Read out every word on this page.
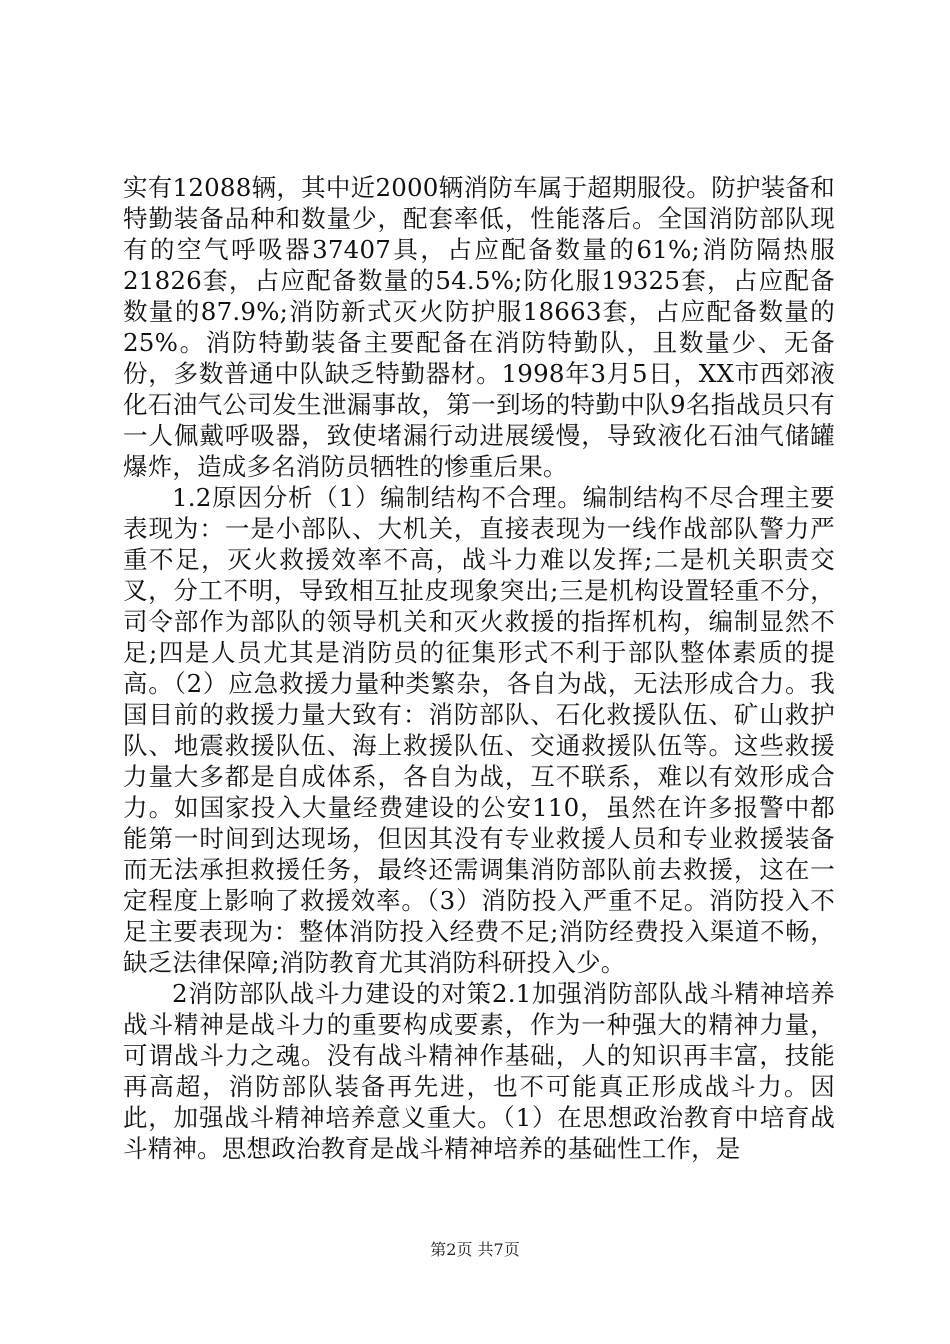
实有12088辆，其中近2000辆消防车属于超期服役。防护装备和特勤装备品种和数量少，配套率低，性能落后。全国消防部队现有的空气呼吸器37407具，占应配备数量的61%;消防隔热服21826套，占应配备数量的54.5%;防化服19325套，占应配备数量的87.9%;消防新式灭火防护服18663套，占应配备数量的25%。消防特勤装备主要配备在消防特勤队，且数量少、无备份，多数普通中队缺乏特勤器材。1998年3月5日，XX市西郊液化石油气公司发生泄漏事故，第一到场的特勤中队9名指战员只有一人佩戴呼吸器，致使堵漏行动进展缓慢，导致液化石油气储罐爆炸，造成多名消防员牺牲的惨重后果。

1.2原因分析（1）编制结构不合理。编制结构不尽合理主要表现为：一是小部队、大机关，直接表现为一线作战部队警力严重不足，灭火救援效率不高，战斗力难以发挥;二是机关职责交叉，分工不明，导致相互扯皮现象突出;三是机构设置轻重不分，司令部作为部队的领导机关和灭火救援的指挥机构，编制显然不足;四是人员尤其是消防员的征集形式不利于部队整体素质的提高。（2）应急救援力量种类繁杂，各自为战，无法形成合力。我国目前的救援力量大致有：消防部队、石化救援队伍、矿山救护队、地震救援队伍、海上救援队伍、交通救援队伍等。这些救援力量大多都是自成体系，各自为战，互不联系，难以有效形成合力。如国家投入大量经费建设的公安110，虽然在许多报警中都能第一时间到达现场，但因其没有专业救援人员和专业救援装备而无法承担救援任务，最终还需调集消防部队前去救援，这在一定程度上影响了救援效率。（3）消防投入严重不足。消防投入不足主要表现为：整体消防投入经费不足;消防经费投入渠道不畅，缺乏法律保障;消防教育尤其消防科研投入少。

2消防部队战斗力建设的对策2.1加强消防部队战斗精神培养战斗精神是战斗力的重要构成要素，作为一种强大的精神力量，可谓战斗力之魂。没有战斗精神作基础，人的知识再丰富，技能再高超，消防部队装备再先进，也不可能真正形成战斗力。因此，加强战斗精神培养意义重大。（1）在思想政治教育中培育战斗精神。思想政治教育是战斗精神培养的基础性工作，是

第2页 共7页
